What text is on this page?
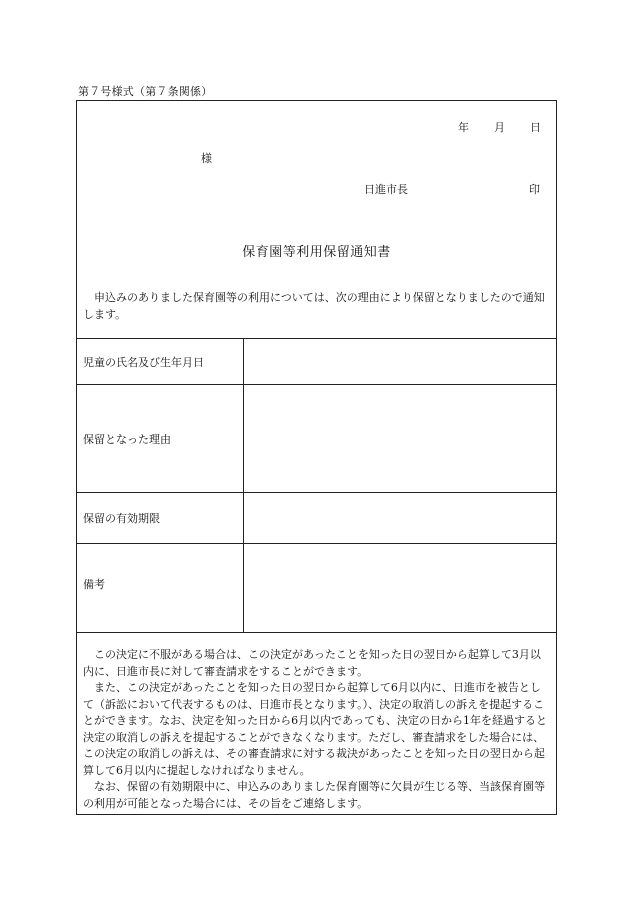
第７号様式（第７条関係）
年 月 日
様
日進市長	印
保育園等利用保留通知書

申込みのありました保育園等の利用については、次の理由により保留となりましたので通知します。

児童の氏名及び生年月日
保留となった理由
保留の有効期限
備考

この決定に不服がある場合は、この決定があったことを知った日の翌日から起算して3月以内に、日進市長に対して審査請求をすることができます。

また、この決定があったことを知った日の翌日から起算して6月以内に、日進市を被告として（訴訟において代表するものは、日進市長となります。）、決定の取消しの訴えを提起することができます。なお、決定を知った日から6月以内であっても、決定の日から1年を経過すると決定の取消しの訴えを提起することができなくなります。ただし、審査請求をした場合には、この決定の取消しの訴えは、その審査請求に対する裁決があったことを知った日の翌日から起算して6月以内に提起しなければなりません。

なお、保留の有効期限中に、申込みのありました保育園等に欠員が生じる等、当該保育園等の利用が可能となった場合には、その旨をご連絡します。
